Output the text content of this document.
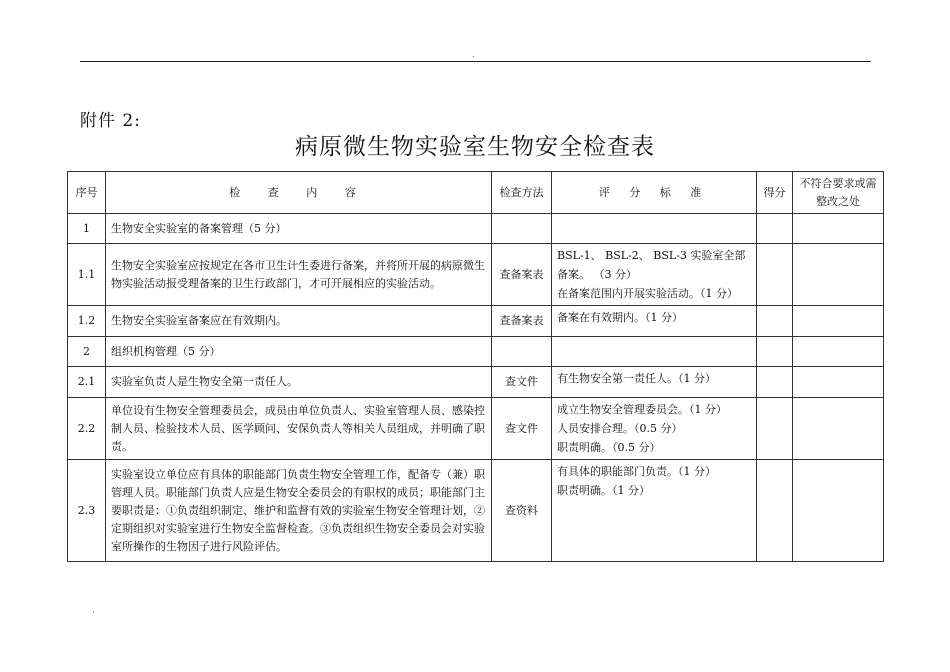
.
附件 2:
病原微生物实验室生物安全检查表
序号	检 查 内 容	检查方法	评 分 标 准	得分	不符合要求或需整改之处
1	生物安全实验室的备案管理（5 分）				
1.1	生物安全实验室应按规定在各市卫生计生委进行备案，并将所开展的病原微生物实验活动报受理备案的卫生行政部门，才可开展相应的实验活动。	查备案表	BSL-1、 BSL-2、 BSL-3 实验室全部备案。 （3 分）
在备案范围内开展实验活动。（1 分）		

1.2	生物安全实验室备案应在有效期内。	查备案表	备案在有效期内。（1 分）		

2	组织机构管理（5 分）				
2.1	实验室负责人是生物安全第一责任人。	查文件	有生物安全第一责任人。（1 分）		

2.2	单位设有生物安全管理委员会，成员由单位负责人、实验室管理人员、感染控制人员、检验技术人员、医学顾问、安保负责人等相关人员组成，并明确了职责。	查文件	成立生物安全管理委员会。（1 分）
人员安排合理。（0.5 分）
职责明确。（0.5 分）		

2.3	实验室设立单位应有具体的职能部门负责生物安全管理工作，配备专（兼）职管理人员。职能部门负责人应是生物安全委员会的有职权的成员；职能部门主要职责是：①负责组织制定、维护和监督有效的实验室生物安全管理计划，②定期组织对实验室进行生物安全监督检查。③负责组织生物安全委员会对实验室所操作的生物因子进行风险评估。	查资料	有具体的职能部门负责。（1 分）
职责明确。（1 分）		

.
